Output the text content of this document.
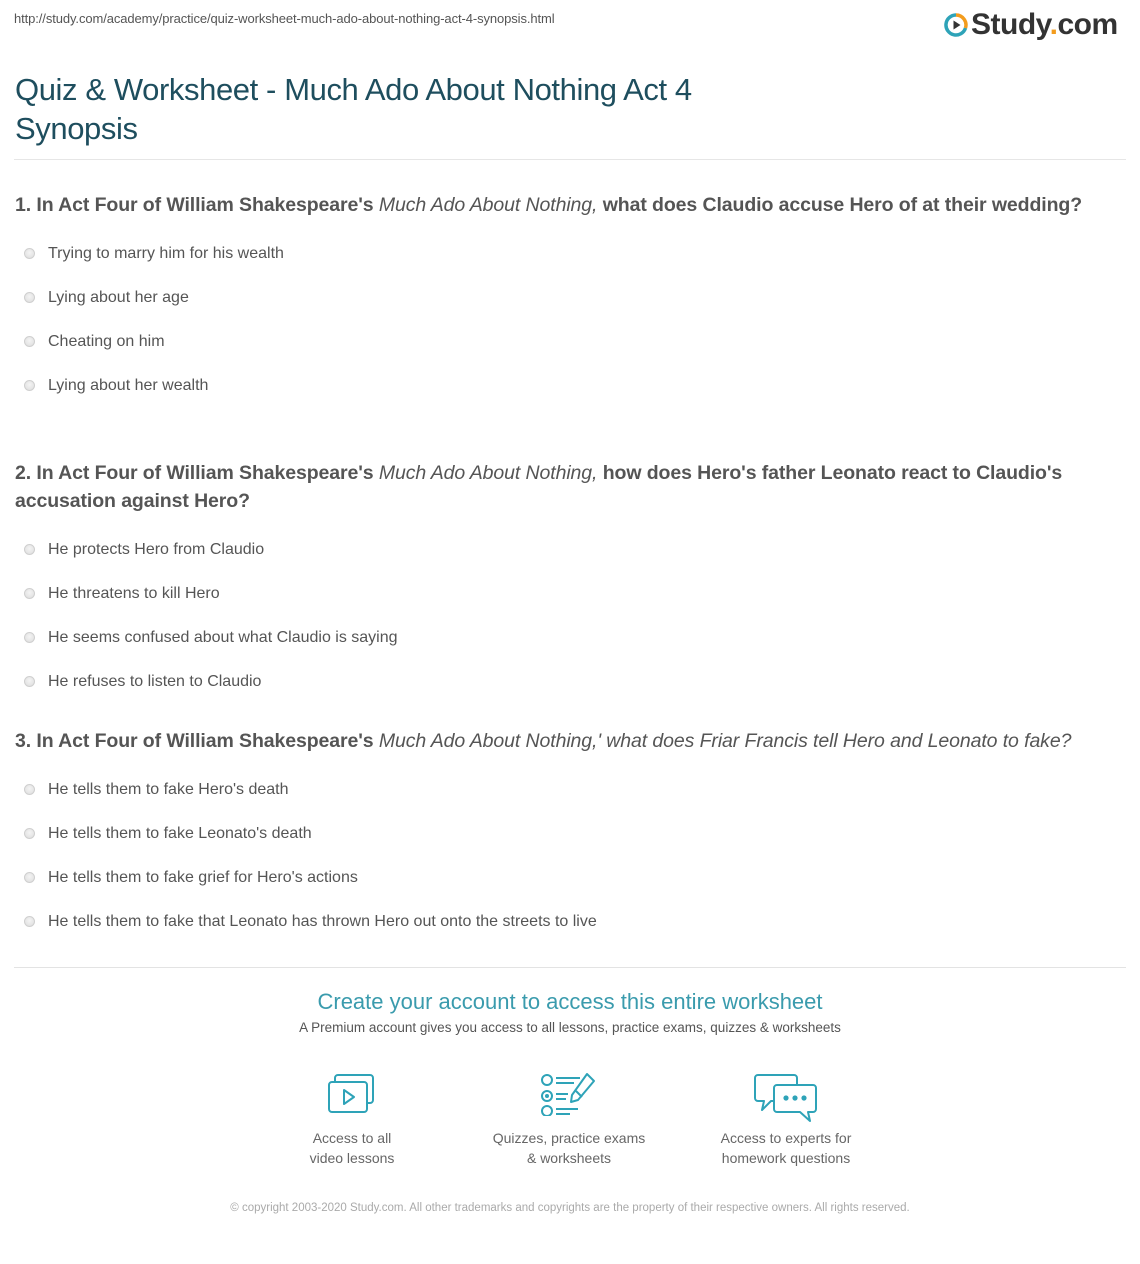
http://study.com/academy/practice/quiz-worksheet-much-ado-about-nothing-act-4-synopsis.html	Study.com
Quiz & Worksheet - Much Ado About Nothing Act 4 Synopsis
1. In Act Four of William Shakespeare's Much Ado About Nothing, what does Claudio accuse Hero of at their wedding?
Trying to marry him for his wealth
Lying about her age
Cheating on him
Lying about her wealth
2. In Act Four of William Shakespeare's Much Ado About Nothing, how does Hero's father Leonato react to Claudio's accusation against Hero?
He protects Hero from Claudio
He threatens to kill Hero
He seems confused about what Claudio is saying
He refuses to listen to Claudio
3. In Act Four of William Shakespeare's Much Ado About Nothing,' what does Friar Francis tell Hero and Leonato to fake?
He tells them to fake Hero's death
He tells them to fake Leonato's death
He tells them to fake grief for Hero's actions
He tells them to fake that Leonato has thrown Hero out onto the streets to live
Create your account to access this entire worksheet
A Premium account gives you access to all lessons, practice exams, quizzes & worksheets
Access to all
video lessons
Quizzes, practice exams
& worksheets
Access to experts for
homework questions
© copyright 2003-2020 Study.com. All other trademarks and copyrights are the property of their respective owners. All rights reserved.
